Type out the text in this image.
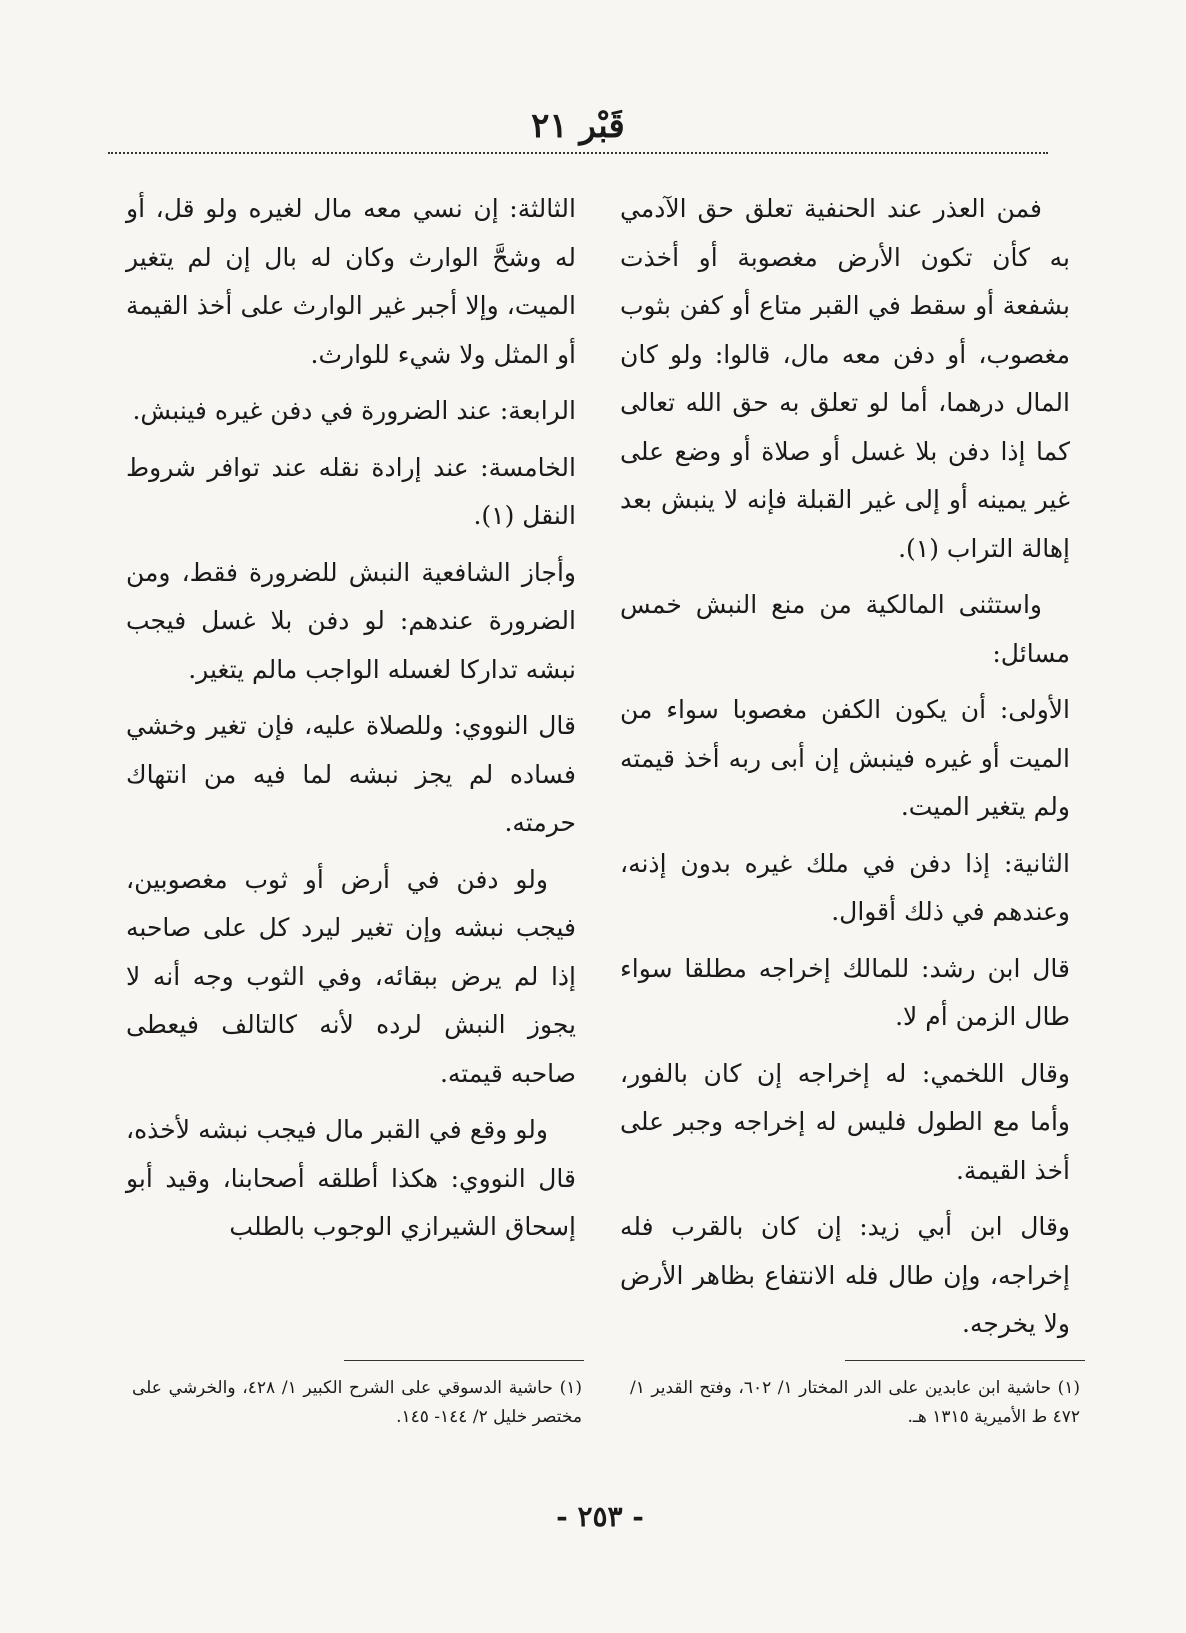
قَبْر ٢١

فمن العذر عند الحنفية تعلق حق الآدمي به كأن تكون الأرض مغصوبة أو أخذت بشفعة أو سقط في القبر متاع أو كفن بثوب مغصوب، أو دفن معه مال، قالوا: ولو كان المال درهما، أما لو تعلق به حق الله تعالى كما إذا دفن بلا غسل أو صلاة أو وضع على غير يمينه أو إلى غير القبلة فإنه لا ينبش بعد إهالة التراب (١).

واستثنى المالكية من منع النبش خمس مسائل:

الأولى: أن يكون الكفن مغصوبا سواء من الميت أو غيره فينبش إن أبى ربه أخذ قيمته ولم يتغير الميت.

الثانية: إذا دفن في ملك غيره بدون إذنه، وعندهم في ذلك أقوال.

قال ابن رشد: للمالك إخراجه مطلقا سواء طال الزمن أم لا.

وقال اللخمي: له إخراجه إن كان بالفور، وأما مع الطول فليس له إخراجه وجبر على أخذ القيمة.

وقال ابن أبي زيد: إن كان بالقرب فله إخراجه، وإن طال فله الانتفاع بظاهر الأرض ولا يخرجه.

الثالثة: إن نسي معه مال لغيره ولو قل، أو له وشحَّ الوارث وكان له بال إن لم يتغير الميت، وإلا أجبر غير الوارث على أخذ القيمة أو المثل ولا شيء للوارث.

الرابعة: عند الضرورة في دفن غيره فينبش.

الخامسة: عند إرادة نقله عند توافر شروط النقل (١).

وأجاز الشافعية النبش للضرورة فقط، ومن الضرورة عندهم: لو دفن بلا غسل فيجب نبشه تداركا لغسله الواجب مالم يتغير.

قال النووي: وللصلاة عليه، فإن تغير وخشي فساده لم يجز نبشه لما فيه من انتهاك حرمته.

ولو دفن في أرض أو ثوب مغصوبين، فيجب نبشه وإن تغير ليرد كل على صاحبه إذا لم يرض ببقائه، وفي الثوب وجه أنه لا يجوز النبش لرده لأنه كالتالف فيعطى صاحبه قيمته.

ولو وقع في القبر مال فيجب نبشه لأخذه، قال النووي: هكذا أطلقه أصحابنا، وقيد أبو إسحاق الشيرازي الوجوب بالطلب

(١) حاشية ابن عابدين على الدر المختار ١/ ٦٠٢، وفتح القدير ١/ ٤٧٢ ط الأميرية ١٣١٥ هـ.
(١) حاشية الدسوقي على الشرح الكبير ١/ ٤٢٨، والخرشي على مختصر خليل ٢/ ١٤٤- ١٤٥.
- ٢٥٣ -
